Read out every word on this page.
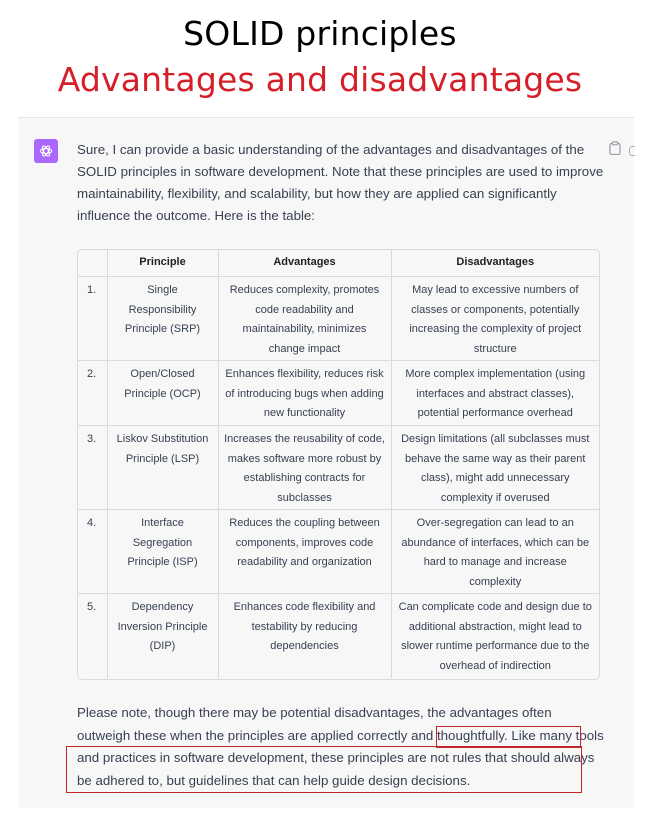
SOLID principles
Advantages and disadvantages
Sure, I can provide a basic understanding of the advantages and disadvantages of the SOLID principles in software development. Note that these principles are used to improve maintainability, flexibility, and scalability, but how they are applied can significantly influence the outcome. Here is the table:
	Principle	Advantages	Disadvantages
1.	Single Responsibility Principle (SRP)	Reduces complexity, promotes code readability and maintainability, minimizes change impact	May lead to excessive numbers of classes or components, potentially increasing the complexity of project structure
2.	Open/Closed Principle (OCP)	Enhances flexibility, reduces risk of introducing bugs when adding new functionality	More complex implementation (using interfaces and abstract classes), potential performance overhead
3.	Liskov Substitution Principle (LSP)	Increases the reusability of code, makes software more robust by establishing contracts for subclasses	Design limitations (all subclasses must behave the same way as their parent class), might add unnecessary complexity if overused
4.	Interface Segregation Principle (ISP)	Reduces the coupling between components, improves code readability and organization	Over-segregation can lead to an abundance of interfaces, which can be hard to manage and increase complexity
5.	Dependency Inversion Principle (DIP)	Enhances code flexibility and testability by reducing dependencies	Can complicate code and design due to additional abstraction, might lead to slower runtime performance due to the overhead of indirection
Please note, though there may be potential disadvantages, the advantages often outweigh these when the principles are applied correctly and thoughtfully. Like many tools and practices in software development, these principles are not rules that should always be adhered to, but guidelines that can help guide design decisions.
